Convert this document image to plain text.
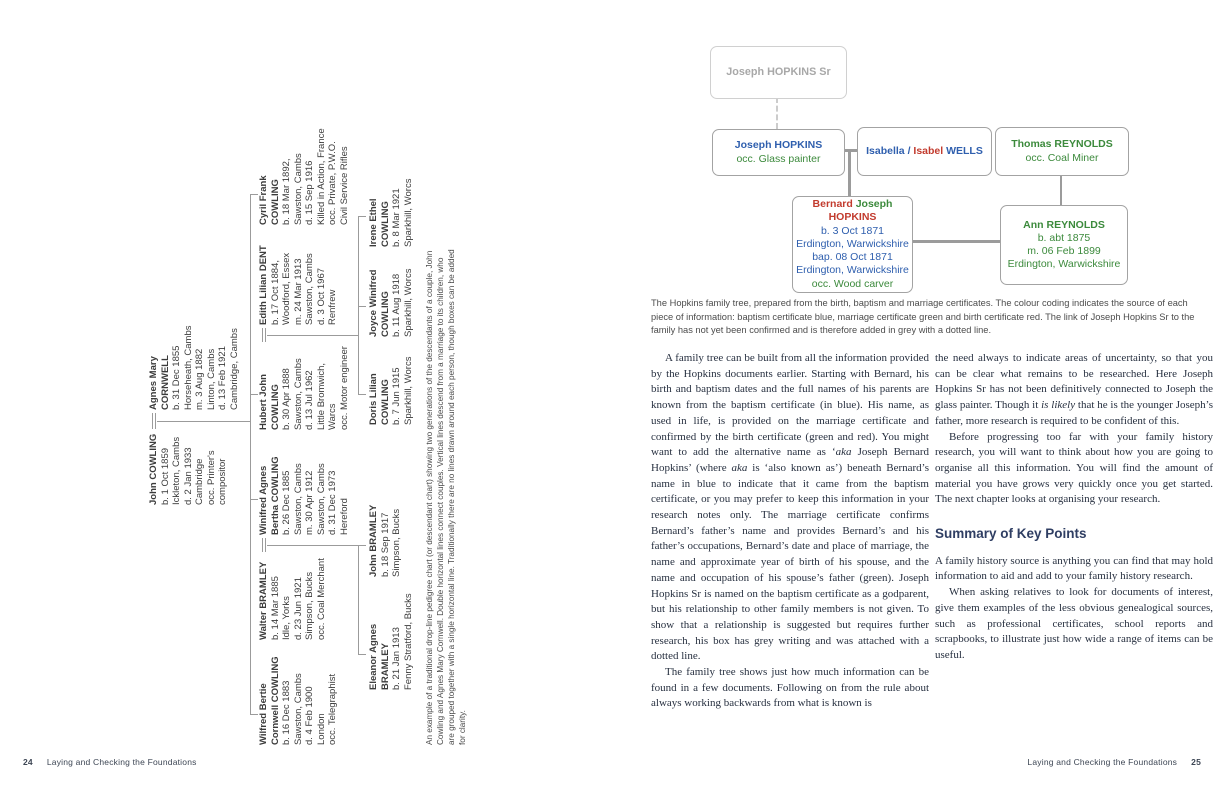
John COWLING b. 1 Oct 1859 Ickleton, Cambs d. 2 Jan 1933 Cambridge occ. Printer's compositor
Agnes Mary CORNWELL b. 31 Dec 1855 Horseheath, Cambs m. 3 Aug 1882 Linton, Cambs d. 13 Feb 1921 Cambridge, Cambs
Wilfred Bertie Cornwell COWLING b. 16 Dec 1883 Sawston, Cambs d. 4 Feb 1900 London occ. Telegraphist
Walter BRAMLEY b. 14 Mar 1885 Idle, Yorks d. 23 Jun 1921 Simpson, Bucks occ. Coal Merchant
Winifred Agnes Bertha COWLING b. 26 Dec 1885 Sawston, Cambs m. 30 Apr 1912 Sawston, Cambs d. 31 Dec 1973 Hereford
Hubert John COWLING b. 30 Apr 1888 Sawston, Cambs d. 13 Jul 1962 Little Bromwich, Warcs occ. Motor engineer
Edith Lilian DENT b. 17 Oct 1884, Woodford, Essex m. 24 Mar 1913 Sawston, Cambs d. 3 Oct 1967 Renfrew
Cyril Frank COWLING b. 18 Mar 1892, Sawston, Cambs d. 15 Sep 1916 Killed in Action, France occ. Private, P.W.O. Civil Service Rifles
Eleanor Agnes BRAMLEY b. 21 Jan 1913 Fenny Stratford, Bucks
John BRAMLEY b. 18 Sep 1917 Simpson, Bucks
Doris Lilian COWLING b. 7 Jun 1915 Sparkhill, Worcs
Joyce Winifred COWLING b. 11 Aug 1918 Sparkhill, Worcs
Irene Ethel COWLING b. 8 Mar 1921 Sparkhill, Worcs
An example of a traditional drop-line pedigree chart (or descendant chart) showing two generations of the descendants of a couple, John Cowling and Agnes Mary Cornwell. Double horizontal lines connect couples. Vertical lines descend from a marriage to its children, who are grouped together with a single horizontal line. Traditionally there are no lines drawn around each person, though boxes can be added for clarity.
24 Laying and Checking the Foundations
Joseph HOPKINS Sr
Joseph HOPKINS
occ. Glass painter
Isabella / Isabel WELLS
Thomas REYNOLDS
occ. Coal Miner
Bernard Joseph
HOPKINS
b. 3 Oct 1871
Erdington, Warwickshire
bap. 08 Oct 1871
Erdington, Warwickshire
occ. Wood carver
Ann REYNOLDS
b. abt 1875
m. 06 Feb 1899
Erdington, Warwickshire
The Hopkins family tree, prepared from the birth, baptism and marriage certificates. The colour coding indicates the source of each piece of information: baptism certificate blue, marriage certificate green and birth certificate red. The link of Joseph Hopkins Sr to the family has not yet been confirmed and is therefore added in grey with a dotted line.

A family tree can be built from all the information provided by the Hopkins documents earlier. Starting with Bernard, his birth and baptism dates and the full names of his parents are known from the baptism certificate (in blue). His name, as used in life, is provided on the marriage certificate and confirmed by the birth certificate (green and red). You might want to add the alternative name as ‘aka Joseph Bernard Hopkins’ (where aka is ‘also known as’) beneath Bernard’s name in blue to indicate that it came from the baptism certificate, or you may prefer to keep this information in your research notes only. The marriage certificate confirms Bernard’s father’s name and provides Bernard’s and his father’s occupations, Bernard’s date and place of marriage, the name and approximate year of birth of his spouse, and the name and occupation of his spouse’s father (green). Joseph Hopkins Sr is named on the baptism certificate as a godparent, but his relationship to other family members is not given. To show that a relationship is suggested but requires further research, his box has grey writing and was attached with a dotted line.

The family tree shows just how much information can be found in a few documents. Following on from the rule about always working backwards from what is known is

the need always to indicate areas of uncertainty, so that you can be clear what remains to be researched. Here Joseph Hopkins Sr has not been definitively connected to Joseph the glass painter. Though it is likely that he is the younger Joseph’s father, more research is required to be confident of this.

Before progressing too far with your family history research, you will want to think about how you are going to organise all this information. You will find the amount of material you have grows very quickly once you get started. The next chapter looks at organising your research.

Summary of Key Points

A family history source is anything you can find that may hold information to aid and add to your family history research.

When asking relatives to look for documents of interest, give them examples of the less obvious genealogical sources, such as professional certificates, school reports and scrapbooks, to illustrate just how wide a range of items can be useful.

Laying and Checking the Foundations 25
